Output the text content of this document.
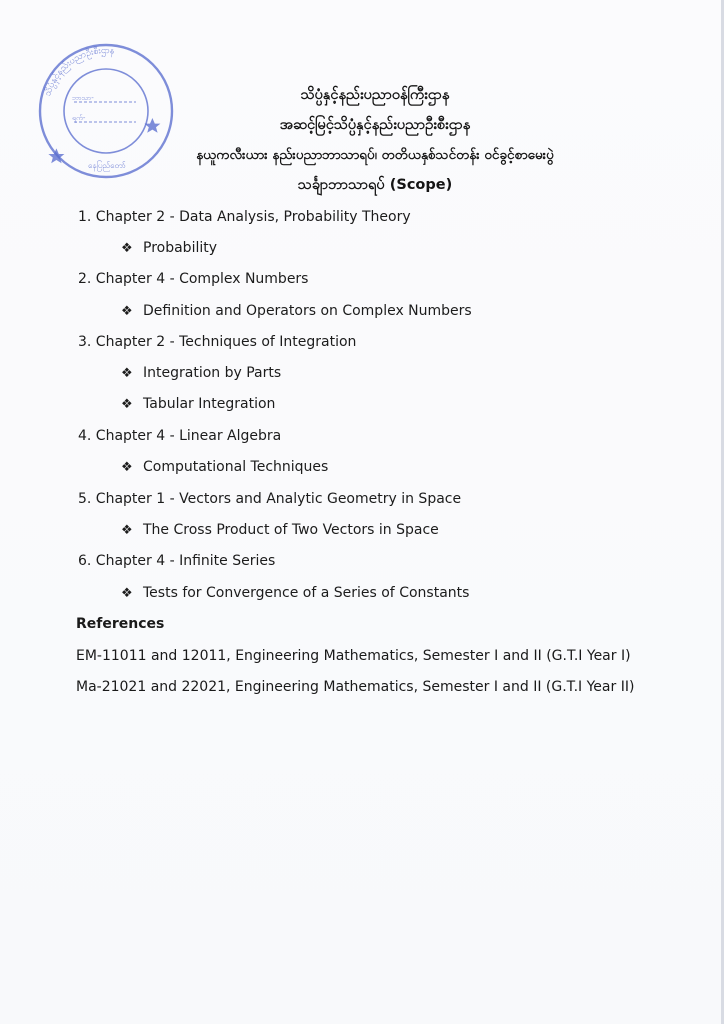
ဘာသာ-
ရက်-
သိပ္ပံနှင့်နည်းပညာဦးစီးဌာန
နေပြည်တော်
သိပ္ပံနှင့်နည်းပညာဝန်ကြီးဌာန
အဆင့်မြင့်သိပ္ပံနှင့်နည်းပညာဦးစီးဌာန
နယူကလီးယား နည်းပညာဘာသာရပ်၊ တတိယနှစ်သင်တန်း ဝင်ခွင့်စာမေးပွဲ
သင်္ချာဘာသာရပ် (Scope)
1. Chapter 2 - Data Analysis, Probability Theory
❖ Probability
2. Chapter 4 - Complex Numbers
❖ Definition and Operators on Complex Numbers
3. Chapter 2 - Techniques of Integration
❖ Integration by Parts
❖ Tabular Integration
4. Chapter 4 - Linear Algebra
❖ Computational Techniques
5. Chapter 1 - Vectors and Analytic Geometry in Space
❖ The Cross Product of Two Vectors in Space
6. Chapter 4 - Infinite Series
❖ Tests for Convergence of a Series of Constants
References
EM-11011 and 12011, Engineering Mathematics, Semester I and II (G.T.I Year I)
Ma-21021 and 22021, Engineering Mathematics, Semester I and II (G.T.I Year II)
